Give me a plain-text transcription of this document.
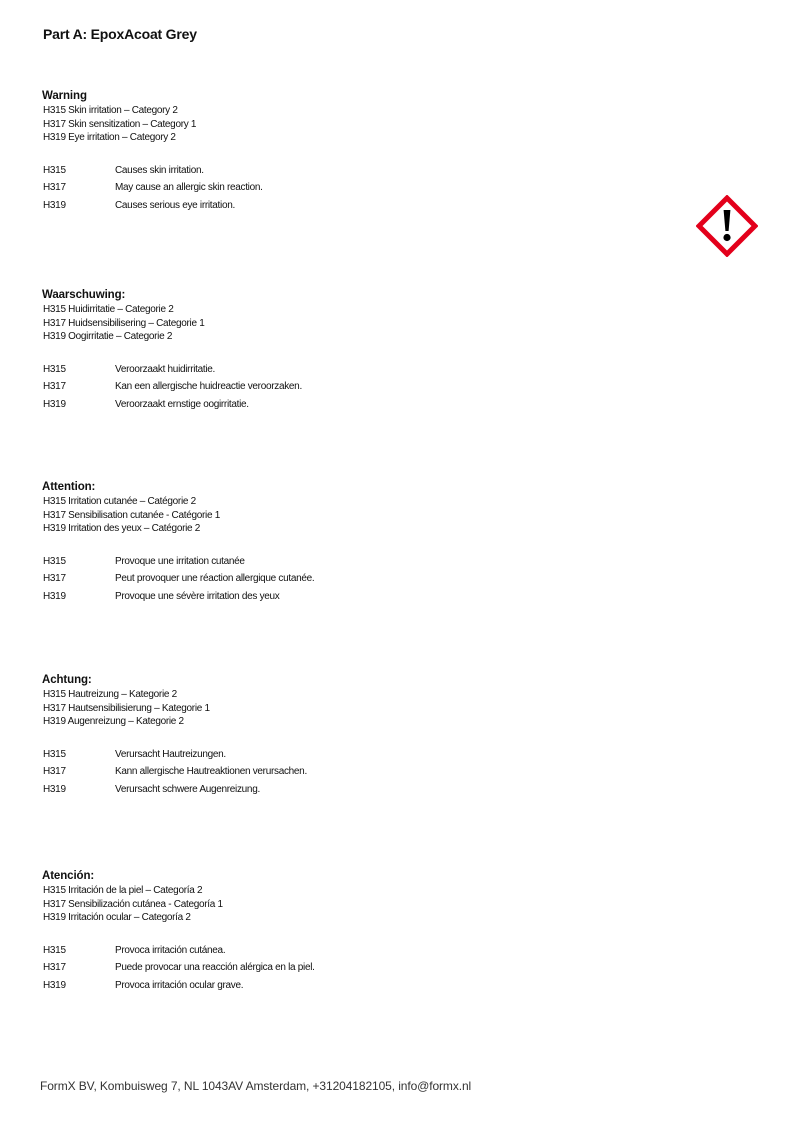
Part A: EpoxAcoat Grey
Warning
H315 Skin irritation – Category 2
H317 Skin sensitization – Category 1
H319 Eye irritation – Category 2
H315	Causes skin irritation.
H317	May cause an allergic skin reaction.
H319	Causes serious eye irritation.
Waarschuwing:
H315 Huidirritatie – Categorie 2
H317 Huidsensibilisering – Categorie 1
H319 Oogirritatie – Categorie 2
H315	Veroorzaakt huidirritatie.
H317	Kan een allergische huidreactie veroorzaken.
H319	Veroorzaakt ernstige oogirritatie.
Attention:
H315 Irritation cutanée – Catégorie 2
H317 Sensibilisation cutanée - Catégorie 1
H319 Irritation des yeux – Catégorie 2
H315	Provoque une irritation cutanée
H317	Peut provoquer une réaction allergique cutanée.
H319	Provoque une sévère irritation des yeux
Achtung:
H315 Hautreizung – Kategorie 2
H317 Hautsensibilisierung – Kategorie 1
H319 Augenreizung – Kategorie 2
H315	Verursacht Hautreizungen.
H317	Kann allergische Hautreaktionen verursachen.
H319	Verursacht schwere Augenreizung.
Atención:
H315 Irritación de la piel – Categoría 2
H317 Sensibilización cutánea - Categoría 1
H319 Irritación ocular – Categoría 2
H315	Provoca irritación cutánea.
H317	Puede provocar una reacción alérgica en la piel.
H319	Provoca irritación ocular grave.
FormX BV, Kombuisweg 7, NL 1043AV Amsterdam, +31204182105, info@formx.nl
